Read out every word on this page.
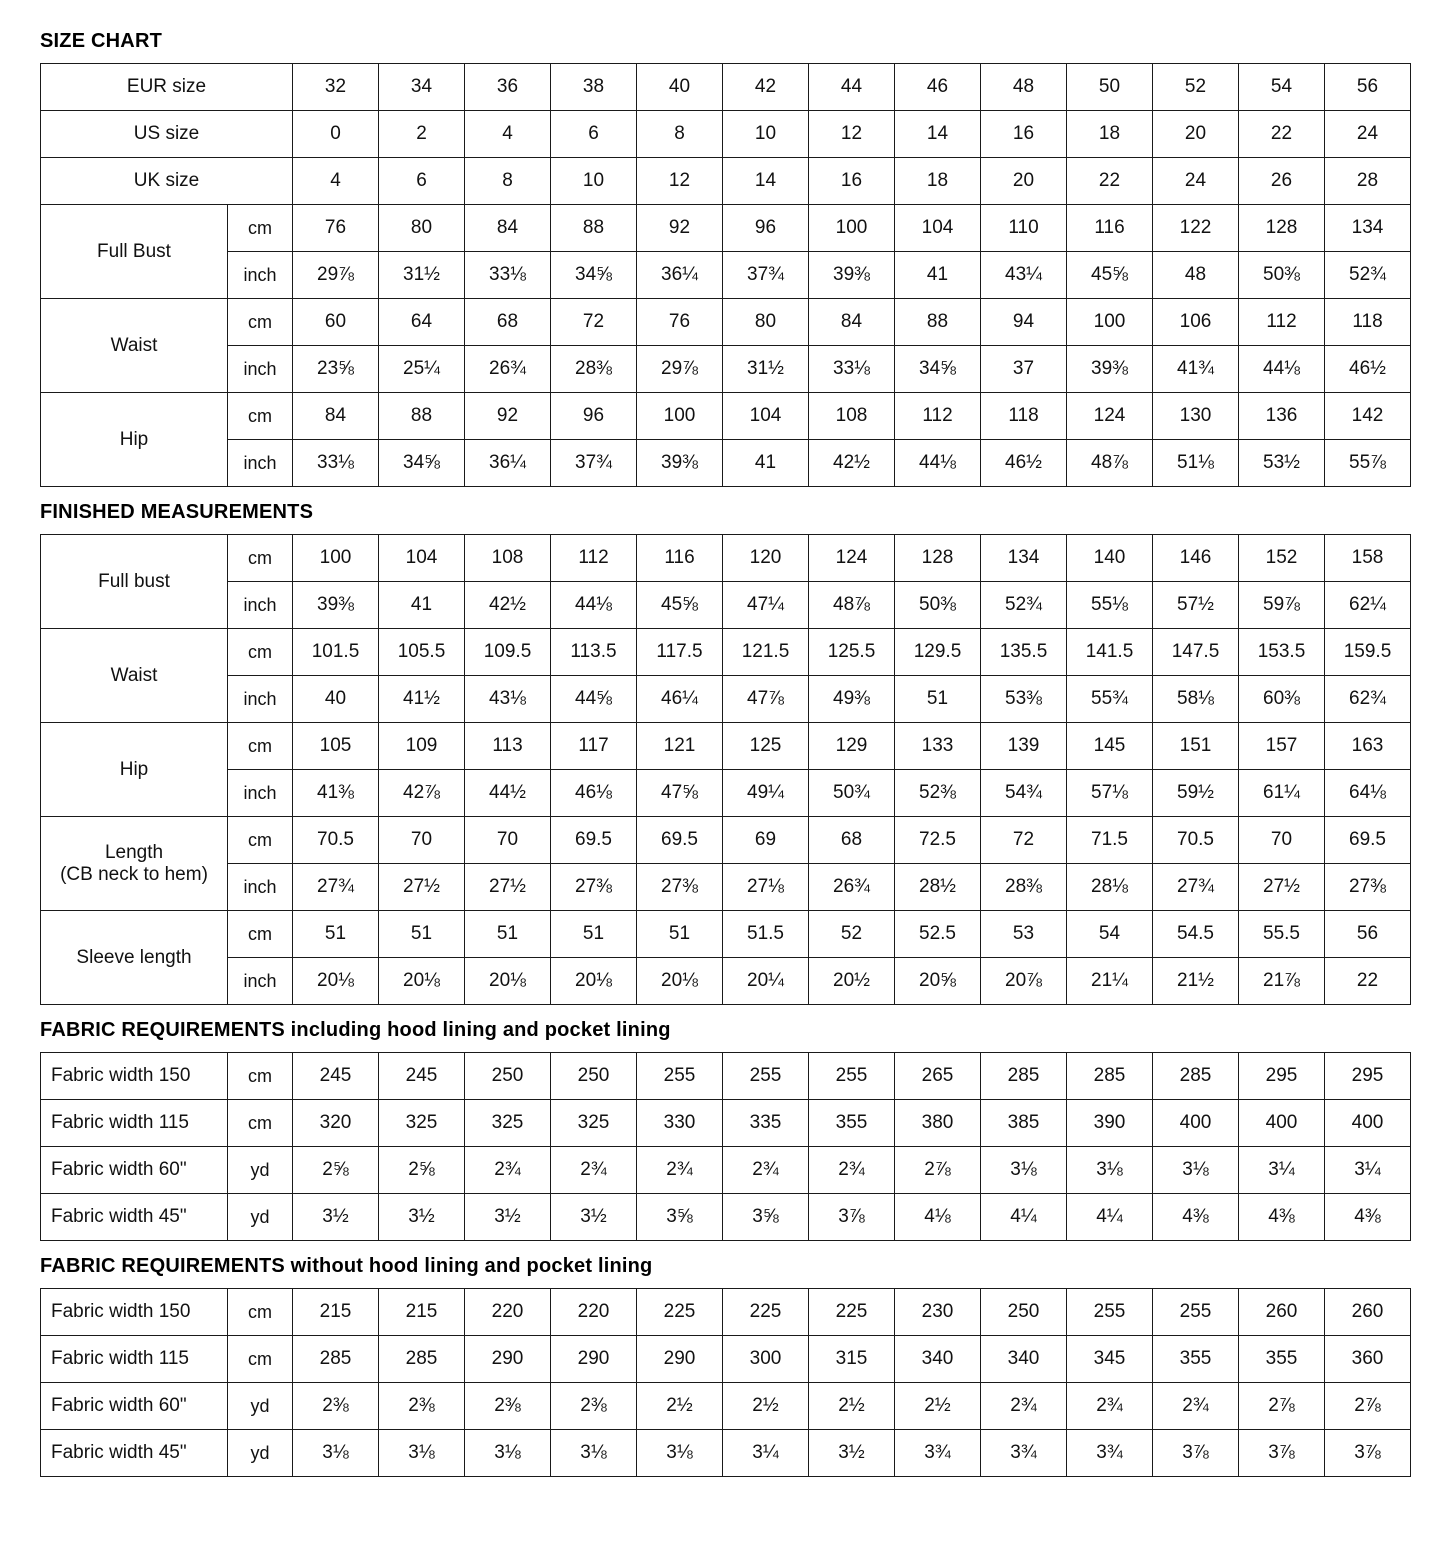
SIZE CHART
EUR size		32	34	36	38	40	42	44	46	48	50	52	54	56
US size		0	2	4	6	8	10	12	14	16	18	20	22	24
UK size		4	6	8	10	12	14	16	18	20	22	24	26	28
Full Bust	cm	76	80	84	88	92	96	100	104	110	116	122	128	134
	inch	29⅞	31½	33⅛	34⅝	36¼	37¾	39⅜	41	43¼	45⅝	48	50⅜	52¾
Waist	cm	60	64	68	72	76	80	84	88	94	100	106	112	118
	inch	23⅝	25¼	26¾	28⅜	29⅞	31½	33⅛	34⅝	37	39⅜	41¾	44⅛	46½
Hip	cm	84	88	92	96	100	104	108	112	118	124	130	136	142
	inch	33⅛	34⅝	36¼	37¾	39⅜	41	42½	44⅛	46½	48⅞	51⅛	53½	55⅞
FINISHED MEASUREMENTS
Full bust	cm	100	104	108	112	116	120	124	128	134	140	146	152	158
	inch	39⅜	41	42½	44⅛	45⅝	47¼	48⅞	50⅜	52¾	55⅛	57½	59⅞	62¼
Waist	cm	101.5	105.5	109.5	113.5	117.5	121.5	125.5	129.5	135.5	141.5	147.5	153.5	159.5
	inch	40	41½	43⅛	44⅝	46¼	47⅞	49⅜	51	53⅜	55¾	58⅛	60⅜	62¾
Hip	cm	105	109	113	117	121	125	129	133	139	145	151	157	163
	inch	41⅜	42⅞	44½	46⅛	47⅝	49¼	50¾	52⅜	54¾	57⅛	59½	61¼	64⅛
Length
(CB neck to hem)	cm	70.5	70	70	69.5	69.5	69	68	72.5	72	71.5	70.5	70	69.5
	inch	27¾	27½	27½	27⅜	27⅜	27⅛	26¾	28½	28⅜	28⅛	27¾	27½	27⅜
Sleeve length	cm	51	51	51	51	51	51.5	52	52.5	53	54	54.5	55.5	56
	inch	20⅛	20⅛	20⅛	20⅛	20⅛	20¼	20½	20⅝	20⅞	21¼	21½	21⅞	22
FABRIC REQUIREMENTS including hood lining and pocket lining
Fabric width 150	cm	245	245	250	250	255	255	255	265	285	285	285	295	295
Fabric width 115	cm	320	325	325	325	330	335	355	380	385	390	400	400	400
Fabric width 60"	yd	2⅝	2⅝	2¾	2¾	2¾	2¾	2¾	2⅞	3⅛	3⅛	3⅛	3¼	3¼
Fabric width 45"	yd	3½	3½	3½	3½	3⅝	3⅝	3⅞	4⅛	4¼	4¼	4⅜	4⅜	4⅜
FABRIC REQUIREMENTS without hood lining and pocket lining
Fabric width 150	cm	215	215	220	220	225	225	225	230	250	255	255	260	260
Fabric width 115	cm	285	285	290	290	290	300	315	340	340	345	355	355	360
Fabric width 60"	yd	2⅜	2⅜	2⅜	2⅜	2½	2½	2½	2½	2¾	2¾	2¾	2⅞	2⅞
Fabric width 45"	yd	3⅛	3⅛	3⅛	3⅛	3⅛	3¼	3½	3¾	3¾	3¾	3⅞	3⅞	3⅞
